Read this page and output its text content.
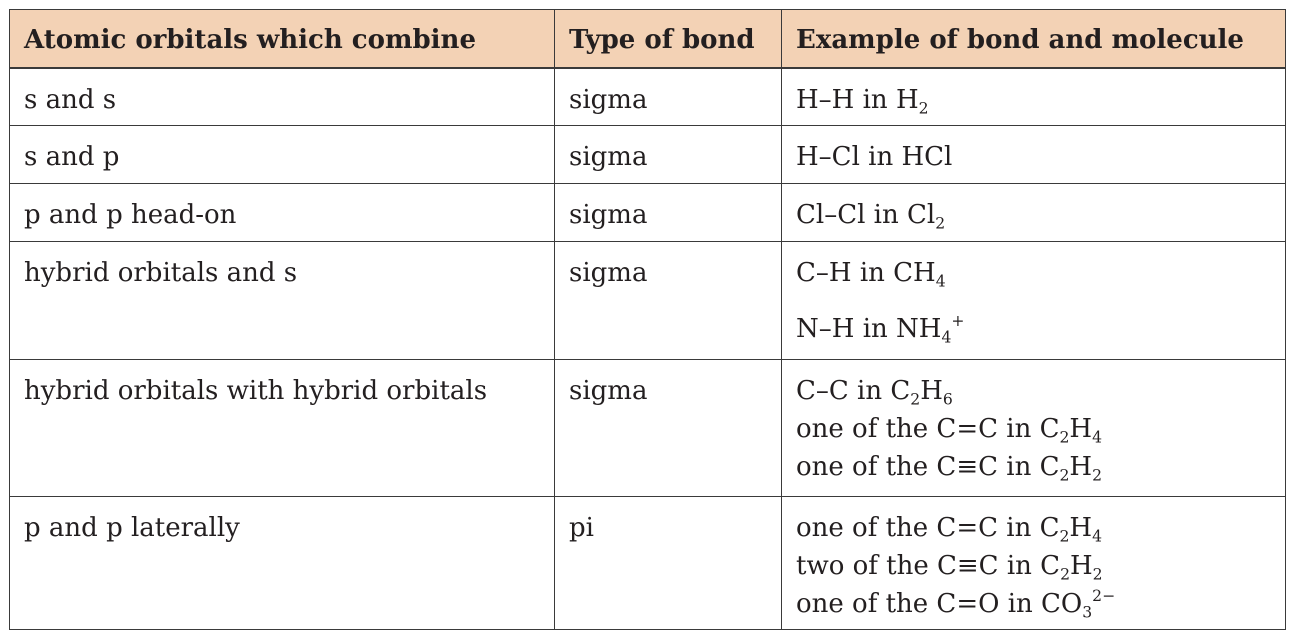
Atomic orbitals which combine	Type of bond	Example of bond and molecule
s and s	sigma	H–H in $H_2$

s and p	sigma	H–Cl in HCl

p and p head-on	sigma	Cl–Cl in $Cl_2$

hybrid orbitals and s	sigma	C–H in $CH_4$
N–H in $NH_4^+$

hybrid orbitals with hybrid orbitals	sigma	C–C in $C_2H_6$
one of the C=C in $C_2H_4$
one of the C≡C in $C_2H_2$

p and p laterally	pi	one of the C=C in $C_2H_4$
two of the C≡C in $C_2H_2$
one of the C=O in $CO_3^{2-}$
